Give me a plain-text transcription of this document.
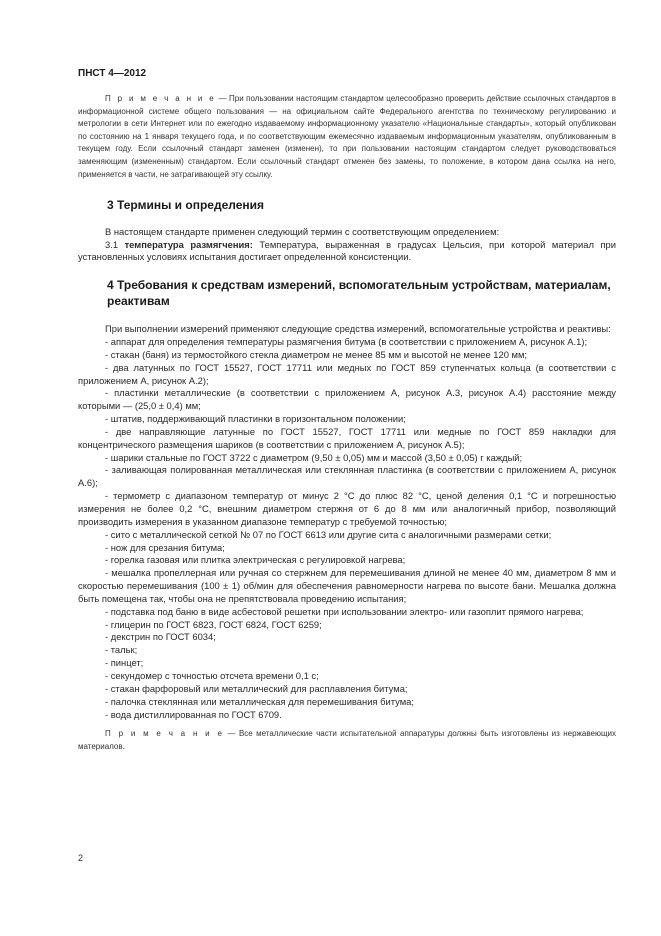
ПНСТ 4—2012

П р и м е ч а н и е — При пользовании настоящим стандартом целесообразно проверить действие ссылочных стандартов в информационной системе общего пользования — на официальном сайте Федерального агентства по техническому регулированию и метрологии в сети Интернет или по ежегодно издаваемому информационному указателю «Национальные стандарты», который опубликован по состоянию на 1 января текущего года, и по соответствующим ежемесячно издаваемым информационным указателям, опубликованным в текущем году. Если ссылочный стандарт заменен (изменен), то при пользовании настоящим стандартом следует руководствоваться заменяющим (измененным) стандартом. Если ссылочный стандарт отменен без замены, то положение, в котором дана ссылка на него, применяется в части, не затрагивающей эту ссылку.

3 Термины и определения

В настоящем стандарте применен следующий термин с соответствующим определением:

3.1 температура размягчения: Температура, выраженная в градусах Цельсия, при которой материал при установленных условиях испытания достигает определенной консистенции.

4 Требования к средствам измерений, вспомогательным устройствам, материалам, реактивам

При выполнении измерений применяют следующие средства измерений, вспомогательные устройства и реактивы:

- аппарат для определения температуры размягчения битума (в соответствии с приложением А, рисунок А.1);

- стакан (баня) из термостойкого стекла диаметром не менее 85 мм и высотой не менее 120 мм;

- два латунных по ГОСТ 15527, ГОСТ 17711 или медных по ГОСТ 859 ступенчатых кольца (в соответствии с приложением А, рисунок А.2);

- пластинки металлические (в соответствии с приложением А, рисунок А.3, рисунок А.4) расстояние между которыми — (25,0 ± 0,4) мм;

- штатив, поддерживающий пластинки в горизонтальном положении;

- две направляющие латунные по ГОСТ 15527, ГОСТ 17711 или медные по ГОСТ 859 накладки для концентрического размещения шариков (в соответствии с приложением А, рисунок А.5);

- шарики стальные по ГОСТ 3722 с диаметром (9,50 ± 0,05) мм и массой (3,50 ± 0,05) г каждый;

- заливающая полированная металлическая или стеклянная пластинка (в соответствии с приложением А, рисунок А.6);

- термометр с диапазоном температур от минус 2 °С до плюс 82 °С, ценой деления 0,1 °С и погрешностью измерения не более 0,2 °С, внешним диаметром стержня от 6 до 8 мм или аналогичный прибор, позволяющий производить измерения в указанном диапазоне температур с требуемой точностью;

- сито с металлической сеткой № 07 по ГОСТ 6613 или другие сита с аналогичными размерами сетки;

- нож для срезания битума;

- горелка газовая или плитка электрическая с регулировкой нагрева;

- мешалка пропеллерная или ручная со стержнем для перемешивания длиной не менее 40 мм, диаметром 8 мм и скоростью перемешивания (100 ± 1) об/мин для обеспечения равномерности нагрева по высоте бани. Мешалка должна быть помещена так, чтобы она не препятствовала проведению испытания;

- подставка под баню в виде асбестовой решетки при использовании электро- или газоплит прямого нагрева;

- глицерин по ГОСТ 6823, ГОСТ 6824, ГОСТ 6259;

- декстрин по ГОСТ 6034;

- тальк;

- пинцет;

- секундомер с точностью отсчета времени 0,1 с;

- стакан фарфоровый или металлический для расплавления битума;

- палочка стеклянная или металлическая для перемешивания битума;

- вода дистиллированная по ГОСТ 6709.

П р и м е ч а н и е — Все металлические части испытательной аппаратуры должны быть изготовлены из нержавеющих материалов.

2
